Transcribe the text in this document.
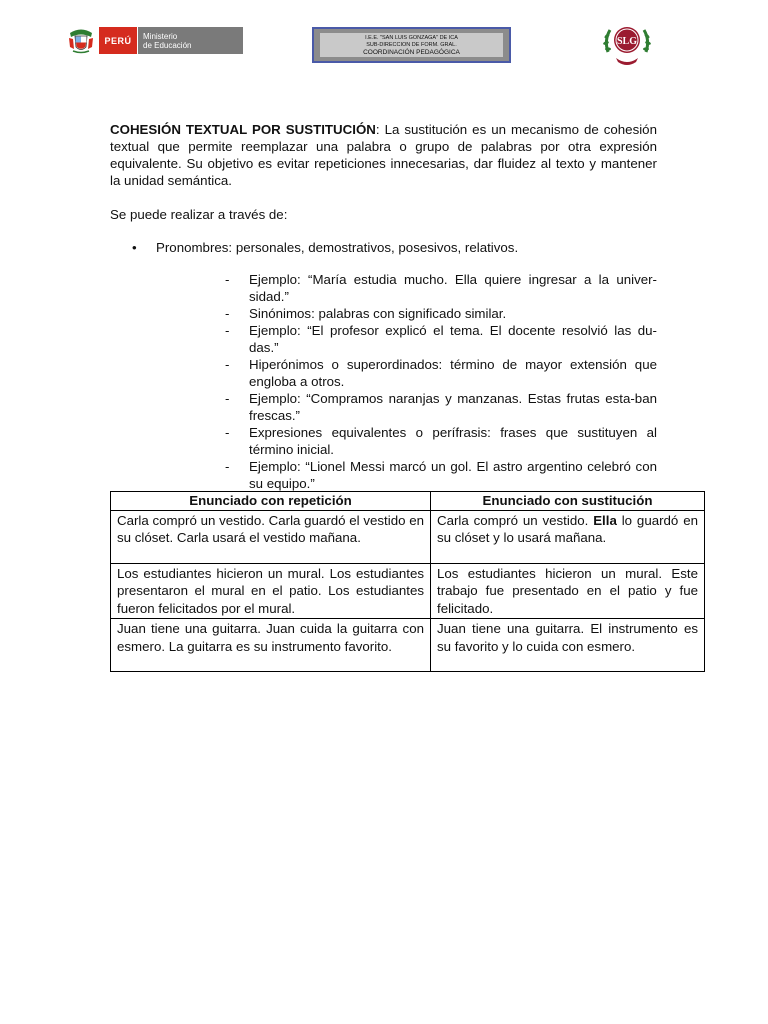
PERÚ	Ministerio
de Educación
I.E.E. "SAN LUIS GONZAGA" DE ICA
SUB-DIRECCION DE FORM. GRAL.
COORDINACIÓN PEDAGÓGICA
SLG

COHESIÓN TEXTUAL POR SUSTITUCIÓN: La sustitución es un mecanismo de cohesión textual que permite reemplazar una palabra o grupo de palabras por otra expresión equivalente. Su objetivo es evitar repeticiones innecesarias, dar fluidez al texto y mantener la unidad semántica.

Se puede realizar a través de:

•	Pronombres: personales, demostrativos, posesivos, relativos.
-	Ejemplo: “María estudia mucho. Ella quiere ingresar a la univer-sidad.”
-	Sinónimos: palabras con significado similar.
-	Ejemplo: “El profesor explicó el tema. El docente resolvió las du-das.”
-	Hiperónimos o superordinados: término de mayor extensión que engloba a otros.
-	Ejemplo: “Compramos naranjas y manzanas. Estas frutas esta-ban frescas.”
-	Expresiones equivalentes o perífrasis: frases que sustituyen al término inicial.
-	Ejemplo: “Lionel Messi marcó un gol. El astro argentino celebró con su equipo.”
Enunciado con repetición	Enunciado con sustitución
Carla compró un vestido. Carla guardó el vestido en su clóset. Carla usará el vestido mañana.	Carla compró un vestido. Ella lo guardó en su clóset y lo usará mañana.
Los estudiantes hicieron un mural. Los estudiantes presentaron el mural en el patio. Los estudiantes fueron felicitados por el mural.	Los estudiantes hicieron un mural. Este trabajo fue presentado en el patio y fue felicitado.
Juan tiene una guitarra. Juan cuida la guitarra con esmero. La guitarra es su instrumento favorito.	Juan tiene una guitarra. El instrumento es su favorito y lo cuida con esmero.
